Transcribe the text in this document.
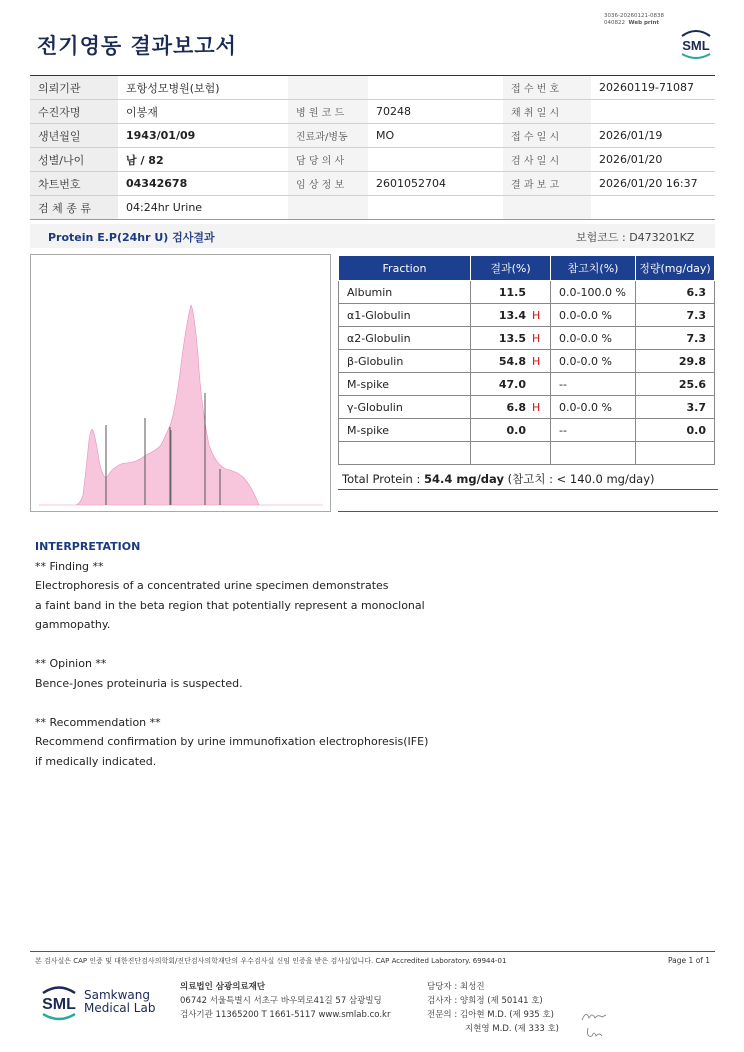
3036-20260121-0838
040822 Web print
전기영동 결과보고서	SML
의뢰기관	포항성모병원(보험)			접 수 번 호	20260119-71087
수진자명	이봉재	병 원 코 드	70248	채 취 일 시	
생년월일	1943/01/09	진료과/병동	MO	접 수 일 시	2026/01/19
성별/나이	남 / 82	담 당 의 사		검 사 일 시	2026/01/20
차트번호	04342678	임 상 정 보	2601052704	결 과 보 고	2026/01/20 16:37
검 체 종 류	04:24hr Urine				
Protein E.P(24hr U) 검사결과	보험코드 : D473201KZ
Fraction	결과(%)	참고치(%)	정량(mg/day)
Albumin	11.5	0.0-100.0 %	6.3
α1-Globulin	13.4 H	0.0-0.0 %	7.3
α2-Globulin	13.5 H	0.0-0.0 %	7.3
β-Globulin	54.8 H	0.0-0.0 %	29.8
M-spike	47.0	--	25.6
γ-Globulin	6.8 H	0.0-0.0 %	3.7
M-spike	0.0	--	0.0

Total Protein : 54.4 mg/day (참고치 : < 140.0 mg/day)

INTERPRETATION

** Finding **

Electrophoresis of a concentrated urine specimen demonstrates

a faint band in the beta region that potentially represent a monoclonal

gammopathy.

** Opinion **

Bence-Jones proteinuria is suspected.

** Recommendation **

Recommend confirmation by urine immunofixation electrophoresis(IFE)

if medically indicated.

본 검사실은 CAP 인증 및 대한진단검사의학회/진단검사의학재단의 우수검사실 신임 인증을 받은 검사실입니다. CAP Accredited Laboratory. 69944-01	Page 1 of 1
SML
Samkwang
Medical Lab
의료법인 삼광의료재단
06742 서울특별시 서초구 바우뫼로41길 57 삼광빌딩
검사기관 11365200 T 1661-5117 www.smlab.co.kr
담당자 : 최성진
검사자 : 양희정 (제 50141 호)
전문의 : 김아현 M.D. (제 935 호)
지현영 M.D. (제 333 호)
